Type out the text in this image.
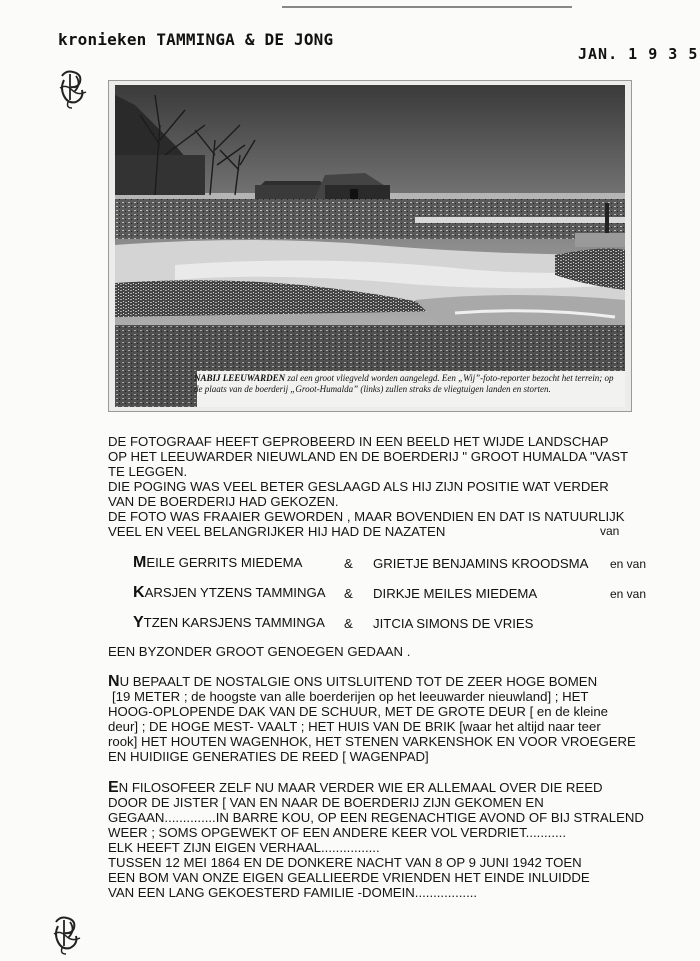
kronieken TAMMINGA & DE JONG
JAN. 1 9 3 5
NABIJ LEEUWARDEN zal een groot vliegveld worden aangelegd. Een „Wij”-foto-reporter bezocht het terrein; op de plaats van de boerderij „Groot-Humalda” (links) zullen straks de vliegtuigen landen en storten.
DE FOTOGRAAF HEEFT GEPROBEERD IN EEN BEELD HET WIJDE LANDSCHAP
OP HET LEEUWARDER NIEUWLAND EN DE BOERDERIJ " GROOT HUMALDA "VAST
TE LEGGEN.
DIE POGING WAS VEEL BETER GESLAAGD ALS HIJ ZIJN POSITIE WAT VERDER
VAN DE BOERDERIJ HAD GEKOZEN.
DE FOTO WAS FRAAIER GEWORDEN , MAAR BOVENDIEN EN DAT IS NATUURLIJK
VEEL EN VEEL BELANGRIJKER HIJ HAD DE NAZATEN	van
MEILE GERRITS MIEDEMA	& GRIETJE BENJAMINS KROODSMA en van
KARSJEN YTZENS TAMMINGA & DIRKJE MEILES MIEDEMA	en van
YTZEN KARSJENS TAMMINGA & JITCIA SIMONS DE VRIES
EEN BYZONDER GROOT GENOEGEN GEDAAN .
NU BEPAALT DE NOSTALGIE ONS UITSLUITEND TOT DE ZEER HOGE BOMEN
[19 METER ; de hoogste van alle boerderijen op het leeuwarder nieuwland] ; HET
HOOG-OPLOPENDE DAK VAN DE SCHUUR, MET DE GROTE DEUR [ en de kleine
deur] ; DE HOGE MEST- VAALT ; HET HUIS VAN DE BRIK [waar het altijd naar teer
rook] HET HOUTEN WAGENHOK, HET STENEN VARKENSHOK EN VOOR VROEGERE
EN HUIDIIGE GENERATIES DE REED [ WAGENPAD]
EN FILOSOFEER ZELF NU MAAR VERDER WIE ER ALLEMAAL OVER DIE REED
DOOR DE JISTER [ VAN EN NAAR DE BOERDERIJ ZIJN GEKOMEN EN
GEGAAN..............IN BARRE KOU, OP EEN REGENACHTIGE AVOND OF BIJ STRALEND
WEER ; SOMS OPGEWEKT OF EEN ANDERE KEER VOL VERDRIET...........
ELK HEEFT ZIJN EIGEN VERHAAL................
TUSSEN 12 MEI 1864 EN DE DONKERE NACHT VAN 8 OP 9 JUNI 1942 TOEN
EEN BOM VAN ONZE EIGEN GEALLIEERDE VRIENDEN HET EINDE INLUIDDE
VAN EEN LANG GEKOESTERD FAMILIE -DOMEIN.................
